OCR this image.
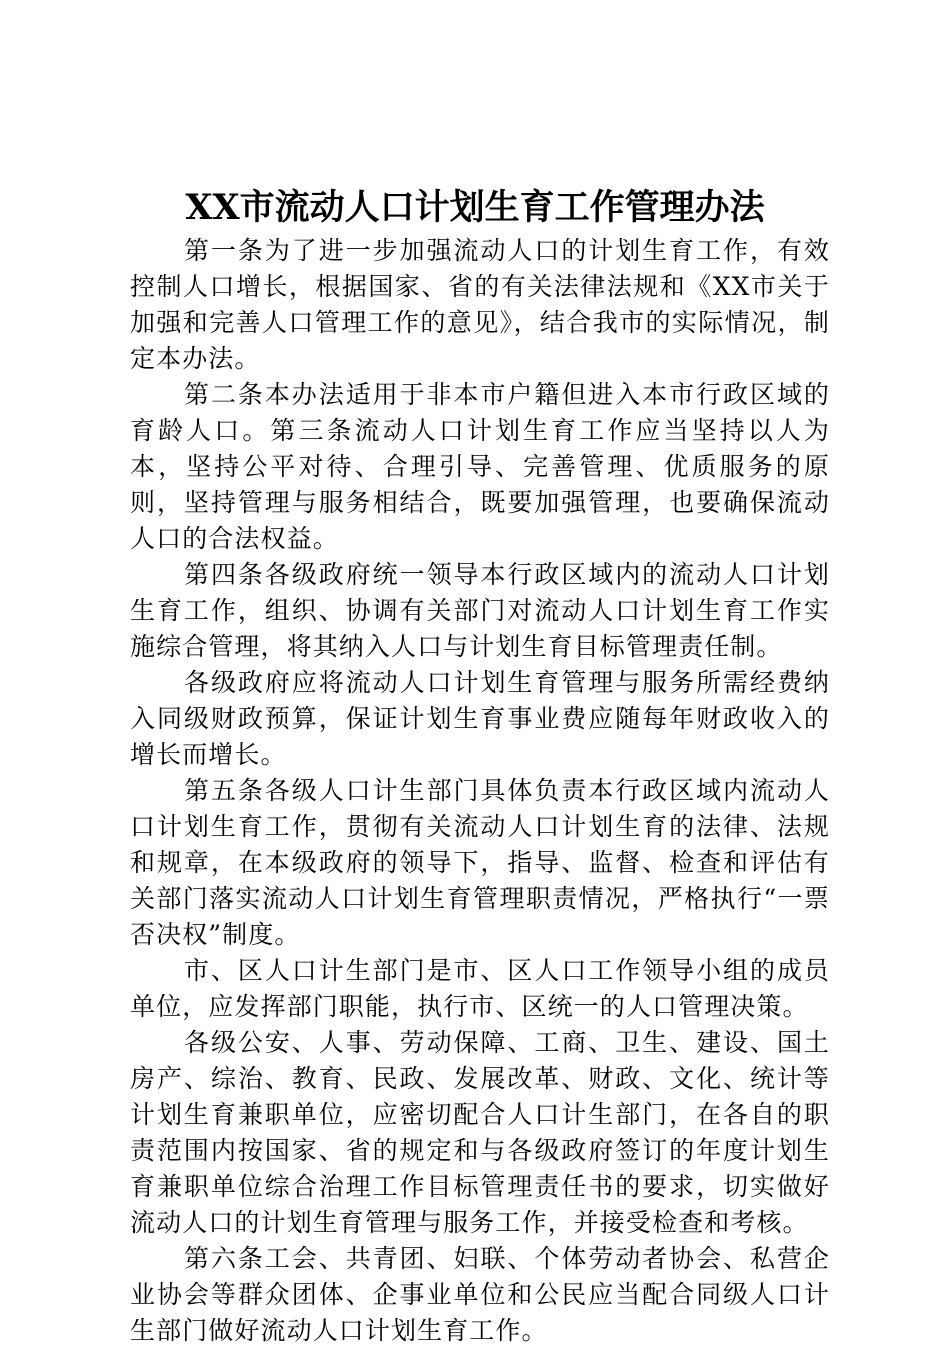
XX市流动人口计划生育工作管理办法

第一条为了进一步加强流动人口的计划生育工作，有效控制人口增长，根据国家、省的有关法律法规和《XX市关于加强和完善人口管理工作的意见》，结合我市的实际情况，制定本办法。

第二条本办法适用于非本市户籍但进入本市行政区域的育龄人口。第三条流动人口计划生育工作应当坚持以人为本，坚持公平对待、合理引导、完善管理、优质服务的原则，坚持管理与服务相结合，既要加强管理，也要确保流动人口的合法权益。

第四条各级政府统一领导本行政区域内的流动人口计划生育工作，组织、协调有关部门对流动人口计划生育工作实施综合管理，将其纳入人口与计划生育目标管理责任制。

各级政府应将流动人口计划生育管理与服务所需经费纳入同级财政预算，保证计划生育事业费应随每年财政收入的增长而增长。

第五条各级人口计生部门具体负责本行政区域内流动人口计划生育工作，贯彻有关流动人口计划生育的法律、法规和规章，在本级政府的领导下，指导、监督、检查和评估有关部门落实流动人口计划生育管理职责情况，严格执行“一票否决权”制度。

市、区人口计生部门是市、区人口工作领导小组的成员单位，应发挥部门职能，执行市、区统一的人口管理决策。

各级公安、人事、劳动保障、工商、卫生、建设、国土房产、综治、教育、民政、发展改革、财政、文化、统计等计划生育兼职单位，应密切配合人口计生部门，在各自的职责范围内按国家、省的规定和与各级政府签订的年度计划生育兼职单位综合治理工作目标管理责任书的要求，切实做好流动人口的计划生育管理与服务工作，并接受检查和考核。

第六条工会、共青团、妇联、个体劳动者协会、私营企业协会等群众团体、企事业单位和公民应当配合同级人口计生部门做好流动人口计划生育工作。
